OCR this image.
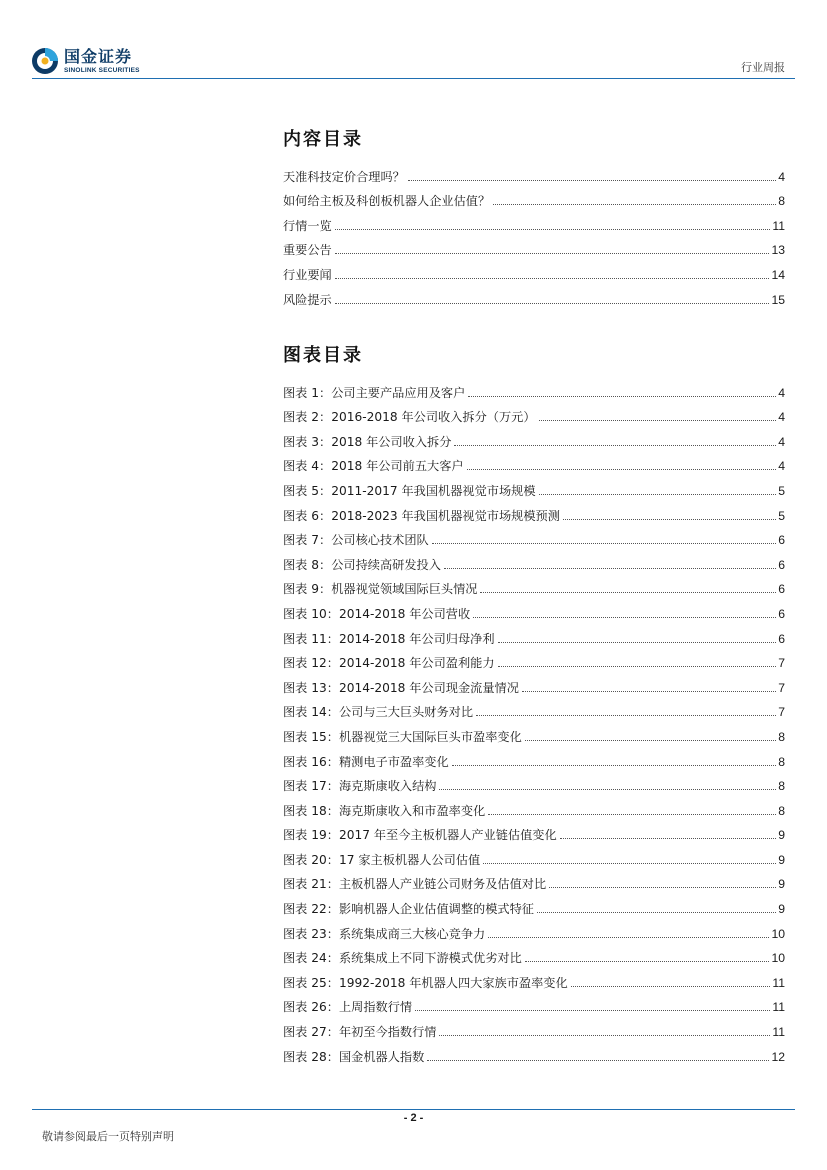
国金证券
SINOLINK SECURITIES	行业周报
内容目录
天准科技定价合理吗？	4
如何给主板及科创板机器人企业估值？	8
行情一览	11
重要公告	13
行业要闻	14
风险提示	15
图表目录
图表 1：公司主要产品应用及客户	4
图表 2：2016-2018 年公司收入拆分（万元）	4
图表 3：2018 年公司收入拆分	4
图表 4：2018 年公司前五大客户	4
图表 5：2011-2017 年我国机器视觉市场规模	5
图表 6：2018-2023 年我国机器视觉市场规模预测	5
图表 7：公司核心技术团队	6
图表 8：公司持续高研发投入	6
图表 9：机器视觉领域国际巨头情况	6
图表 10：2014-2018 年公司营收	6
图表 11：2014-2018 年公司归母净利	6
图表 12：2014-2018 年公司盈利能力	7
图表 13：2014-2018 年公司现金流量情况	7
图表 14：公司与三大巨头财务对比	7
图表 15：机器视觉三大国际巨头市盈率变化	8
图表 16：精测电子市盈率变化	8
图表 17：海克斯康收入结构	8
图表 18：海克斯康收入和市盈率变化	8
图表 19：2017 年至今主板机器人产业链估值变化	9
图表 20：17 家主板机器人公司估值	9
图表 21：主板机器人产业链公司财务及估值对比	9
图表 22：影响机器人企业估值调整的模式特征	9
图表 23：系统集成商三大核心竞争力	10
图表 24：系统集成上不同下游模式优劣对比	10
图表 25：1992-2018 年机器人四大家族市盈率变化	11
图表 26：上周指数行情	11
图表 27：年初至今指数行情	11
图表 28：国金机器人指数	12
- 2 -
敬请参阅最后一页特别声明
